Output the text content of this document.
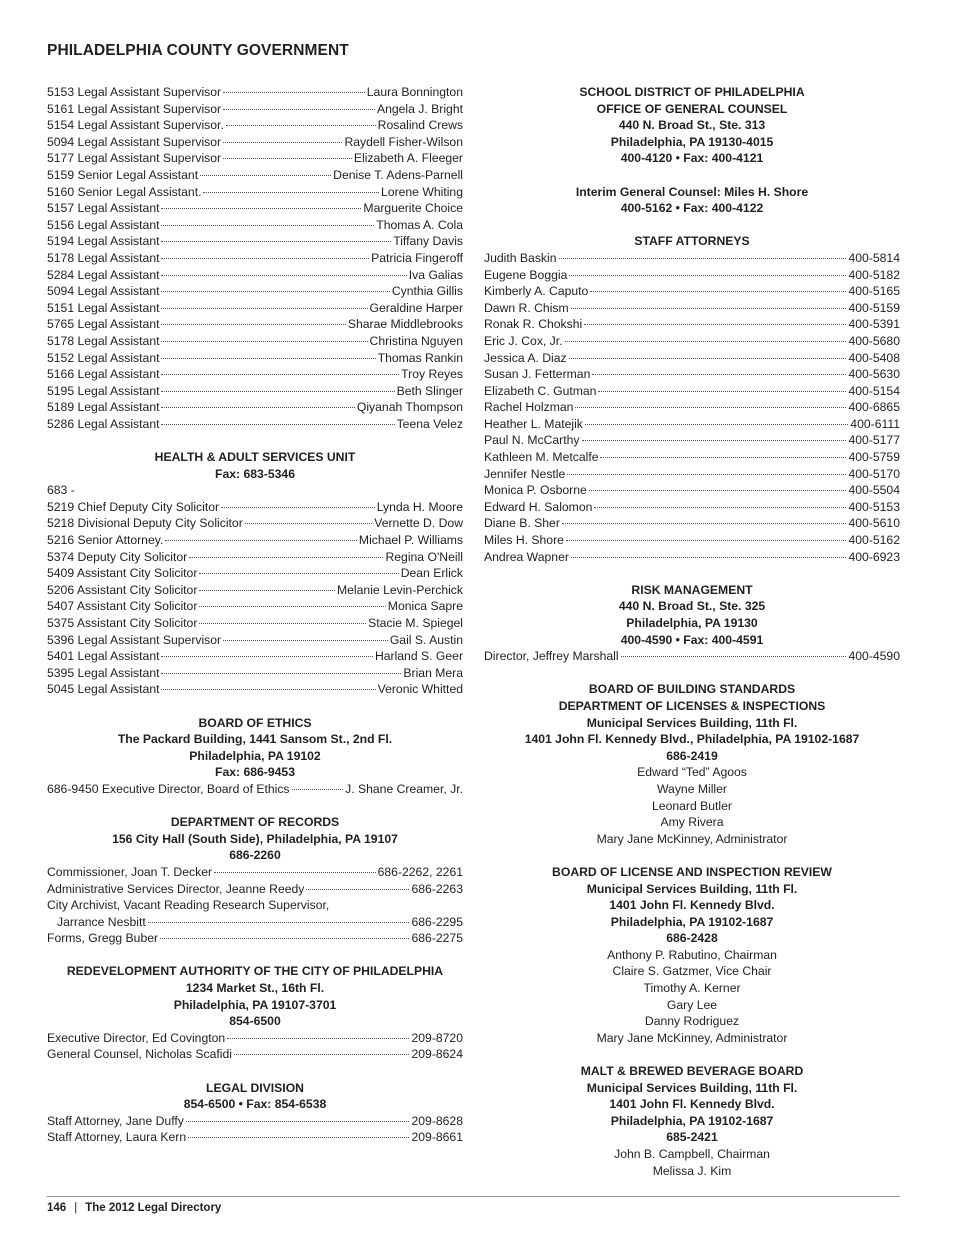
PHILADELPHIA COUNTY GOVERNMENT
5153 Legal Assistant Supervisor	Laura Bonnington
5161 Legal Assistant Supervisor	Angela J. Bright
5154 Legal Assistant Supervisor.	Rosalind Crews
5094 Legal Assistant Supervisor	Raydell Fisher-Wilson
5177 Legal Assistant Supervisor	Elizabeth A. Fleeger
5159 Senior Legal Assistant	Denise T. Adens-Parnell
5160 Senior Legal Assistant.	Lorene Whiting
5157 Legal Assistant	Marguerite Choice
5156 Legal Assistant	Thomas A. Cola
5194 Legal Assistant	Tiffany Davis
5178 Legal Assistant	Patricia Fingeroff
5284 Legal Assistant	Iva Galias
5094 Legal Assistant	Cynthia Gillis
5151 Legal Assistant	Geraldine Harper
5765 Legal Assistant	Sharae Middlebrooks
5178 Legal Assistant	Christina Nguyen
5152 Legal Assistant	Thomas Rankin
5166 Legal Assistant	Troy Reyes
5195 Legal Assistant	Beth Slinger
5189 Legal Assistant	Qiyanah Thompson
5286 Legal Assistant	Teena Velez
HEALTH & ADULT SERVICES UNIT
Fax: 683-5346
683 -
5219 Chief Deputy City Solicitor	Lynda H. Moore
5218 Divisional Deputy City Solicitor	Vernette D. Dow
5216 Senior Attorney.	Michael P. Williams
5374 Deputy City Solicitor	Regina O'Neill
5409 Assistant City Solicitor	Dean Erlick
5206 Assistant City Solicitor	Melanie Levin-Perchick
5407 Assistant City Solicitor	Monica Sapre
5375 Assistant City Solicitor	Stacie M. Spiegel
5396 Legal Assistant Supervisor	Gail S. Austin
5401 Legal Assistant	Harland S. Geer
5395 Legal Assistant	Brian Mera
5045 Legal Assistant	Veronic Whitted
BOARD OF ETHICS
The Packard Building, 1441 Sansom St., 2nd Fl.
Philadelphia, PA 19102
Fax: 686-9453
686-9450 Executive Director, Board of Ethics	J. Shane Creamer, Jr.
DEPARTMENT OF RECORDS
156 City Hall (South Side), Philadelphia, PA 19107
686-2260
Commissioner, Joan T. Decker	686-2262, 2261
Administrative Services Director, Jeanne Reedy	686-2263
City Archivist, Vacant Reading Research Supervisor,
Jarrance Nesbitt	686-2295
Forms, Gregg Buber	686-2275
REDEVELOPMENT AUTHORITY OF THE CITY OF PHILADELPHIA
1234 Market St., 16th Fl.
Philadelphia, PA 19107-3701
854-6500
Executive Director, Ed Covington	209-8720
General Counsel, Nicholas Scafidi	209-8624
LEGAL DIVISION
854-6500 • Fax: 854-6538
Staff Attorney, Jane Duffy	209-8628
Staff Attorney, Laura Kern	209-8661
SCHOOL DISTRICT OF PHILADELPHIA
OFFICE OF GENERAL COUNSEL
440 N. Broad St., Ste. 313
Philadelphia, PA 19130-4015
400-4120 • Fax: 400-4121
Interim General Counsel: Miles H. Shore
400-5162 • Fax: 400-4122
STAFF ATTORNEYS
Judith Baskin	400-5814
Eugene Boggia	400-5182
Kimberly A. Caputo	400-5165
Dawn R. Chism	400-5159
Ronak R. Chokshi	400-5391
Eric J. Cox, Jr.	400-5680
Jessica A. Diaz	400-5408
Susan J. Fetterman	400-5630
Elizabeth C. Gutman	400-5154
Rachel Holzman	400-6865
Heather L. Matejik	400-6111
Paul N. McCarthy	400-5177
Kathleen M. Metcalfe	400-5759
Jennifer Nestle	400-5170
Monica P. Osborne	400-5504
Edward H. Salomon	400-5153
Diane B. Sher	400-5610
Miles H. Shore	400-5162
Andrea Wapner	400-6923
RISK MANAGEMENT
440 N. Broad St., Ste. 325
Philadelphia, PA 19130
400-4590 • Fax: 400-4591
Director, Jeffrey Marshall	400-4590
BOARD OF BUILDING STANDARDS
DEPARTMENT OF LICENSES & INSPECTIONS
Municipal Services Building, 11th Fl.
1401 John Fl. Kennedy Blvd., Philadelphia, PA 19102-1687
686-2419
Edward “Ted” Agoos
Wayne Miller
Leonard Butler
Amy Rivera
Mary Jane McKinney, Administrator
BOARD OF LICENSE AND INSPECTION REVIEW
Municipal Services Building, 11th Fl.
1401 John Fl. Kennedy Blvd.
Philadelphia, PA 19102-1687
686-2428
Anthony P. Rabutino, Chairman
Claire S. Gatzmer, Vice Chair
Timothy A. Kerner
Gary Lee
Danny Rodriguez
Mary Jane McKinney, Administrator
MALT & BREWED BEVERAGE BOARD
Municipal Services Building, 11th Fl.
1401 John Fl. Kennedy Blvd.
Philadelphia, PA 19102-1687
685-2421
John B. Campbell, Chairman
Melissa J. Kim
146 | The 2012 Legal Directory
